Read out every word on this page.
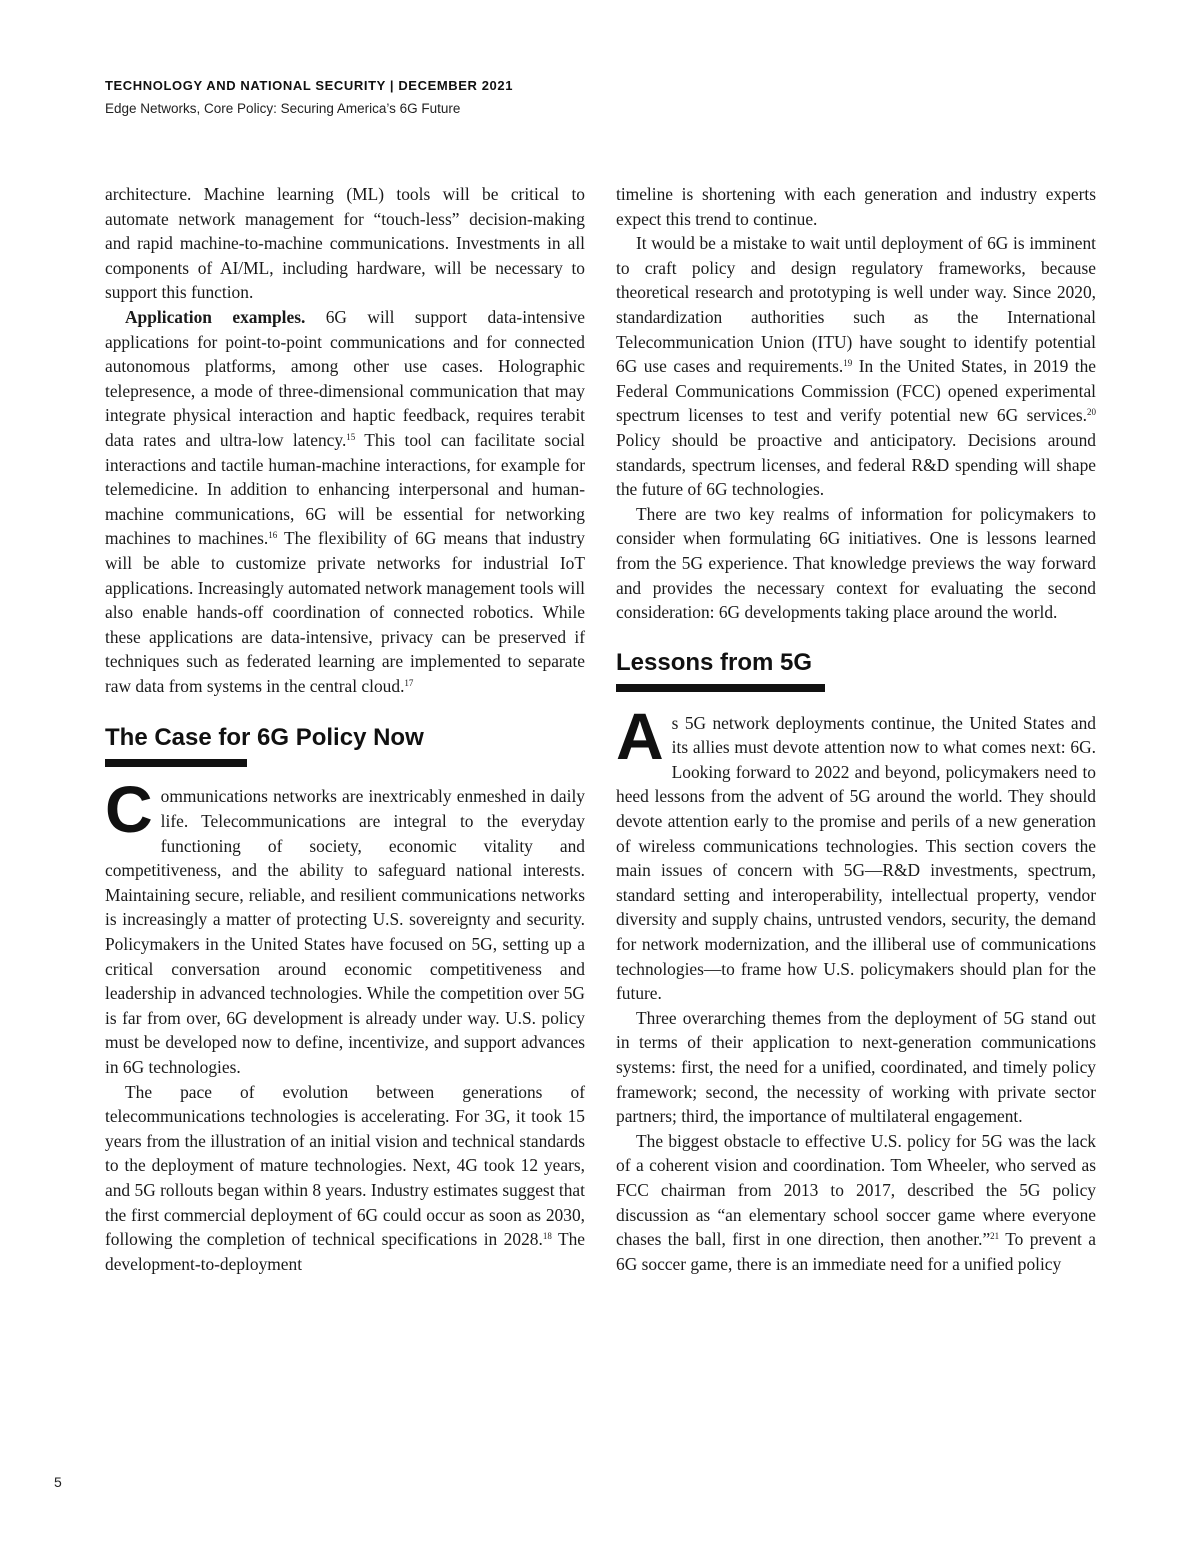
TECHNOLOGY AND NATIONAL SECURITY | DECEMBER 2021
Edge Networks, Core Policy: Securing America’s 6G Future

architecture. Machine learning (ML) tools will be critical to automate network management for “touch-less” decision-making and rapid machine-to-machine communications. Investments in all components of AI/ML, including hardware, will be necessary to support this function.

Application examples. 6G will support data-intensive applications for point-to-point communications and for connected autonomous platforms, among other use cases. Holographic telepresence, a mode of three-dimensional communication that may integrate physical interaction and haptic feedback, requires terabit data rates and ultra-low latency.$^{15}$ This tool can facilitate social interactions and tactile human-machine interactions, for example for telemedicine. In addition to enhancing interpersonal and human-machine communications, 6G will be essential for networking machines to machines.$^{16}$ The flexibility of 6G means that industry will be able to customize private networks for industrial IoT applications. Increasingly automated network management tools will also enable hands-off coordination of connected robotics. While these applications are data-intensive, privacy can be preserved if techniques such as federated learning are implemented to separate raw data from systems in the central cloud.$^{17}$

The Case for 6G Policy Now

Communications networks are inextricably enmeshed in daily life. Telecommunications are integral to the everyday functioning of society, economic vitality and competitiveness, and the ability to safeguard national interests. Maintaining secure, reliable, and resilient communications networks is increasingly a matter of protecting U.S. sovereignty and security. Policymakers in the United States have focused on 5G, setting up a critical conversation around economic competitiveness and leadership in advanced technologies. While the competition over 5G is far from over, 6G development is already under way. U.S. policy must be developed now to define, incentivize, and support advances in 6G technologies.

The pace of evolution between generations of telecommunications technologies is accelerating. For 3G, it took 15 years from the illustration of an initial vision and technical standards to the deployment of mature technologies. Next, 4G took 12 years, and 5G rollouts began within 8 years. Industry estimates suggest that the first commercial deployment of 6G could occur as soon as 2030, following the completion of technical specifications in 2028.18 The development-to-deployment

timeline is shortening with each generation and industry experts expect this trend to continue.

It would be a mistake to wait until deployment of 6G is imminent to craft policy and design regulatory frameworks, because theoretical research and prototyping is well under way. Since 2020, standardization authorities such as the International Telecommunication Union (ITU) have sought to identify potential 6G use cases and requirements.$^{19}$ In the United States, in 2019 the Federal Communications Commission (FCC) opened experimental spectrum licenses to test and verify potential new 6G services.$^{20}$ Policy should be proactive and anticipatory. Decisions around standards, spectrum licenses, and federal R&D spending will shape the future of 6G technologies.

There are two key realms of information for policymakers to consider when formulating 6G initiatives. One is lessons learned from the 5G experience. That knowledge previews the way forward and provides the necessary context for evaluating the second consideration: 6G developments taking place around the world.

Lessons from 5G

As 5G network deployments continue, the United States and its allies must devote attention now to what comes next: 6G. Looking forward to 2022 and beyond, policymakers need to heed lessons from the advent of 5G around the world. They should devote attention early to the promise and perils of a new generation of wireless communications technologies. This section covers the main issues of concern with 5G—R&D investments, spectrum, standard setting and interoperability, intellectual property, vendor diversity and supply chains, untrusted vendors, security, the demand for network modernization, and the illiberal use of communications technologies—to frame how U.S. policymakers should plan for the future.

Three overarching themes from the deployment of 5G stand out in terms of their application to next-generation communications systems: first, the need for a unified, coordinated, and timely policy framework; second, the necessity of working with private sector partners; third, the importance of multilateral engagement.

The biggest obstacle to effective U.S. policy for 5G was the lack of a coherent vision and coordination. Tom Wheeler, who served as FCC chairman from 2013 to 2017, described the 5G policy discussion as “an elementary school soccer game where everyone chases the ball, first in one direction, then another.”$^{21}$ To prevent a 6G soccer game, there is an immediate need for a unified policy

5
